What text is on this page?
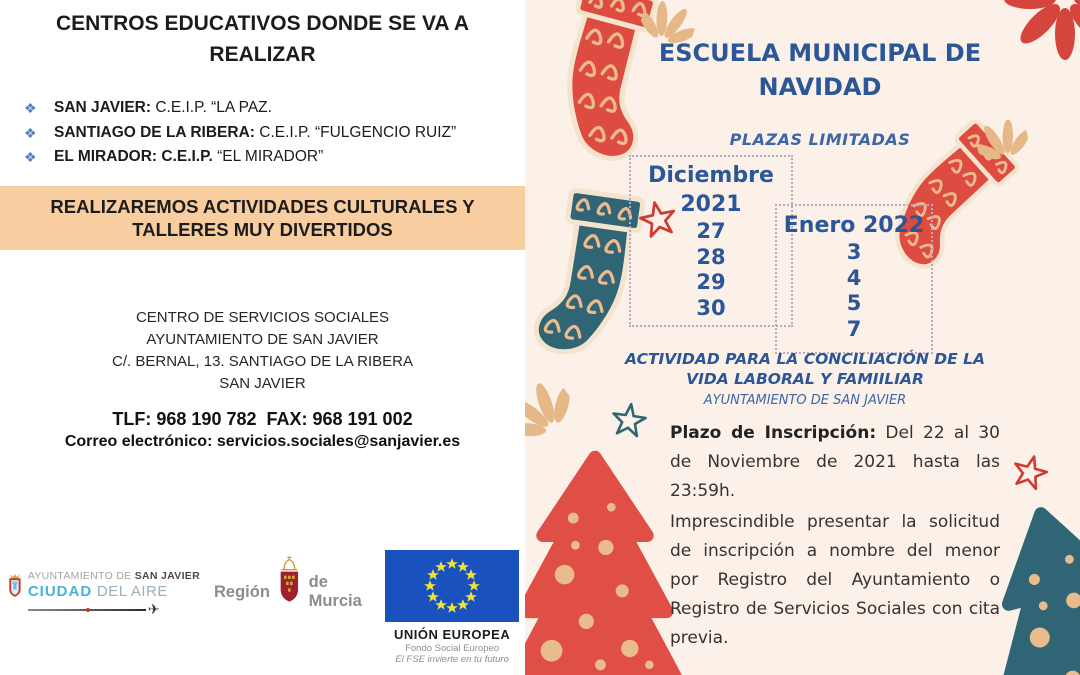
CENTROS EDUCATIVOS DONDE SE VA A REALIZAR
❖	SAN JAVIER: C.E.I.P. “LA PAZ.
❖	SANTIAGO DE LA RIBERA: C.E.I.P. “FULGENCIO RUIZ”
❖	EL MIRADOR: C.E.I.P. “EL MIRADOR”
REALIZAREMOS ACTIVIDADES CULTURALES Y TALLERES MUY DIVERTIDOS
CENTRO DE SERVICIOS SOCIALES
AYUNTAMIENTO DE SAN JAVIER
C/. BERNAL, 13. SANTIAGO DE LA RIBERA
SAN JAVIER
TLF: 968 190 782  FAX: 968 191 002
Correo electrónico: servicios.sociales@sanjavier.es
AYUNTAMIENTO DE SAN JAVIER
CIUDAD DEL AIRE
✈
Región
de Murcia
UNIÓN EUROPEA
Fondo Social Europeo
El FSE invierte en tu futuro
ESCUELA MUNICIPAL DE NAVIDAD
PLAZAS LIMITADAS
Diciembre 2021
27
28
29
30
Enero 2022
3
4
5
7
ACTIVIDAD PARA LA CONCILIACIÓN DE LA
VIDA LABORAL Y FAMIILIAR
AYUNTAMIENTO DE SAN JAVIER

Plazo de Inscripción: Del 22 al 30 de Noviembre de 2021 hasta las 23:59h.

Imprescindible presentar la solicitud de inscripción a nombre del menor por Registro del Ayuntamiento o Registro de Servicios Sociales con cita previa.
